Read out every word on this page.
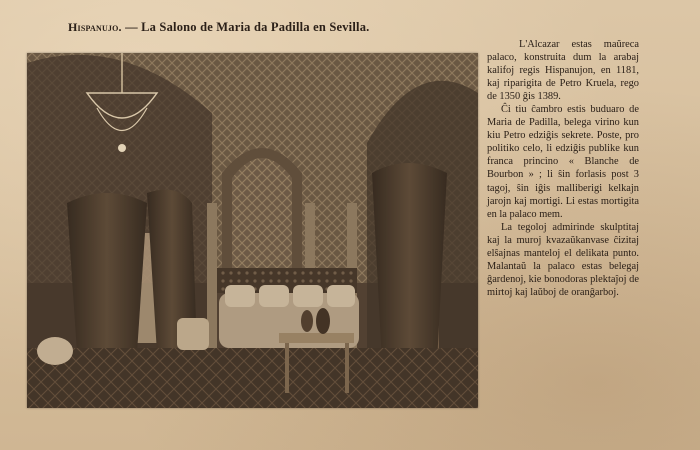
Hispanujo. — La Salono de Maria da Padilla en Sevilla.

L'Alcazar estas maŭreca palaco, konstruita dum la arabaj kalifoj regis Hispanujon, en 1181, kaj riparigita de Petro Kruela, rego de 1350 ĝis 1389.

Ĉi tiu ĉambro estis buduaro de Maria de Padilla, belega virino kun kiu Petro edziĝis sekrete. Poste, pro politiko celo, li edziĝis publike kun franca princino « Blanche de Bourbon » ; li ŝin forlasis post 3 tagoj, ŝin iĝis malliberigi kelkajn jarojn kaj mortigi. Li estas mortigita en la palaco mem.

La tegoloj admirinde skulptitaj kaj la muroj kvazaŭkanvase ĉizitaj elŝajnas manteloj el delikata punto. Malantaŭ la palaco estas belegaj ĝardenoj, kie bonodoras plektaĵoj de mirtoj kaj laŭboj de oranĝarboj.
